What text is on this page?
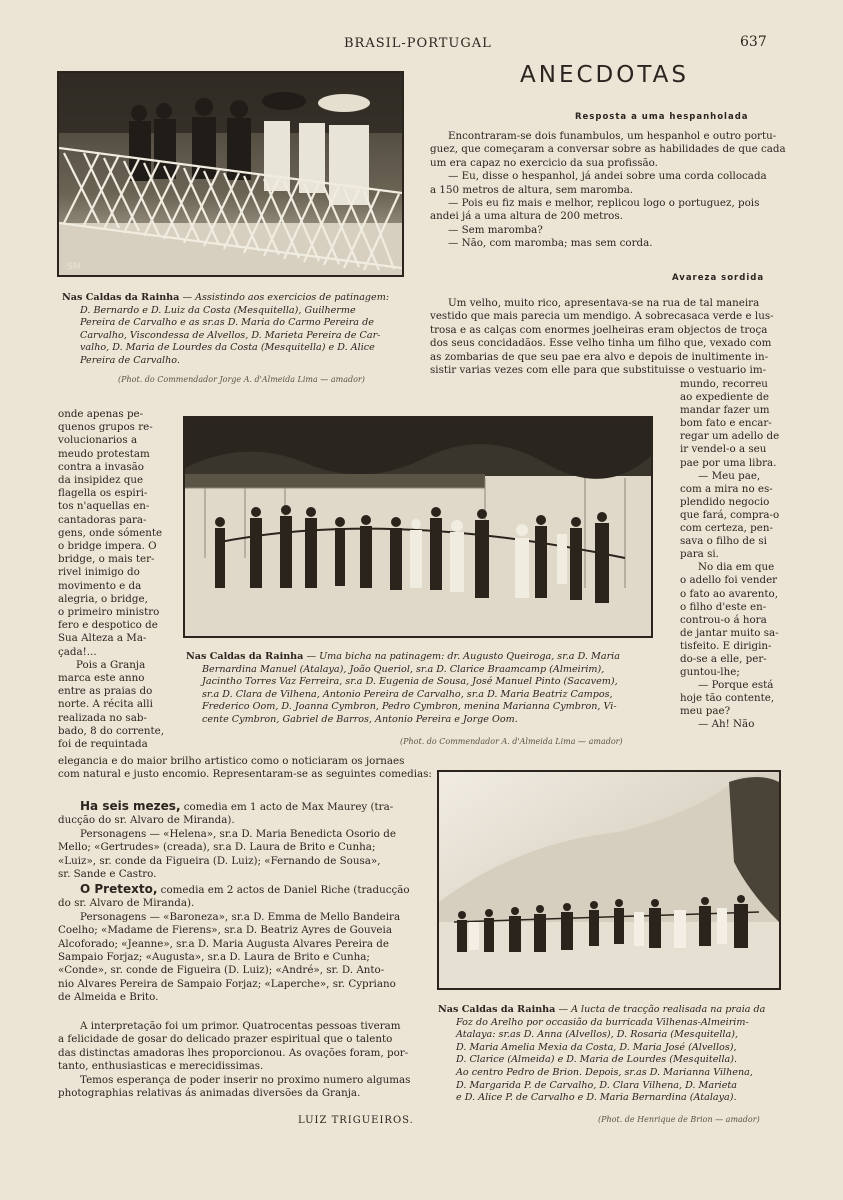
BRASIL-PORTUGAL	637
SM
Nas Caldas da Rainha — Assistindo aos exercicios de patinagem:
D. Bernardo e D. Luiz da Costa (Mesquitella), Guilherme
Pereira de Carvalho e as sr.as D. Maria do Carmo Pereira de
Carvalho, Viscondessa de Alvellos, D. Marieta Pereira de Car-
valho, D. Maria de Lourdes da Costa (Mesquitella) e D. Alice
Pereira de Carvalho.
(Phot. do Commendador Jorge A. d'Almeida Lima — amador)
ANECDOTAS
Resposta a uma hespanholada
Encontraram-se dois funambulos, um hespanhol e outro portu-
guez, que começaram a conversar sobre as habilidades de que cada
um era capaz no exercicio da sua profissão.
— Eu, disse o hespanhol, já andei sobre uma corda collocada
a 150 metros de altura, sem maromba.
— Pois eu fiz mais e melhor, replicou logo o portuguez, pois
andei já a uma altura de 200 metros.
— Sem maromba?
— Não, com maromba; mas sem corda.
Avareza sordida
Um velho, muito rico, apresentava-se na rua de tal maneira
vestido que mais parecia um mendigo. A sobrecasaca verde e lus-
trosa e as calças com enormes joelheiras eram objectos de troça
dos seus concidadãos. Esse velho tinha um filho que, vexado com
as zombarias de que seu pae era alvo e depois de inultimente in-
sistir varias vezes com elle para que substituisse o vestuario im-
mundo, recorreu
ao expediente de
mandar fazer um
bom fato e encar-
regar um adello de
ir vendel-o a seu
pae por uma libra.
— Meu pae,
com a mira no es-
plendido negocio
que fará, compra-o
com certeza, pen-
sava o filho de si
para si.
No dia em que
o adello foi vender
o fato ao avarento,
o filho d'este en-
controu-o á hora
de jantar muito sa-
tisfeito. E dirigin-
do-se a elle, per-
guntou-lhe;
— Porque está
hoje tão contente,
meu pae?
— Ah! Não
onde apenas pe-
quenos grupos re-
volucionarios a
meudo protestam
contra a invasão
da insipidez que
flagella os espiri-
tos n'aquellas en-
cantadoras para-
gens, onde sómente
o bridge impera. O
bridge, o mais ter-
rivel inimigo do
movimento e da
alegria, o bridge,
o primeiro ministro
fero e despotico de
Sua Alteza a Ma-
çada!...
Pois a Granja
marca este anno
entre as praias do
norte. A récita alli
realizada no sab-
bado, 8 do corrente,
foi de requintada
Nas Caldas da Rainha — Uma bicha na patinagem: dr. Augusto Queiroga, sr.a D. Maria
Bernardina Manuel (Atalaya), João Queriol, sr.a D. Clarice Braamcamp (Almeirim),
Jacintho Torres Vaz Ferreira, sr.a D. Eugenia de Sousa, José Manuel Pinto (Sacavem),
sr.a D. Clara de Vilhena, Antonio Pereira de Carvalho, sr.a D. Maria Beatriz Campos,
Frederico Oom, D. Joanna Cymbron, Pedro Cymbron, menina Marianna Cymbron, Vi-
cente Cymbron, Gabriel de Barros, Antonio Pereira e Jorge Oom.
(Phot. do Commendador A. d'Almeida Lima — amador)
elegancia e do maior brilho artistico como o noticiaram os jornaes
com natural e justo encomio. Representaram-se as seguintes comedias:
Ha seis mezes, comedia em 1 acto de Max Maurey (tra-
ducção do sr. Alvaro de Miranda).
Personagens — «Helena», sr.a D. Maria Benedicta Osorio de
Mello; «Gertrudes» (creada), sr.a D. Laura de Brito e Cunha;
«Luiz», sr. conde da Figueira (D. Luiz); «Fernando de Sousa»,
sr. Sande e Castro.
O Pretexto, comedia em 2 actos de Daniel Riche (traducção
do sr. Alvaro de Miranda).
Personagens — «Baroneza», sr.a D. Emma de Mello Bandeira
Coelho; «Madame de Fierens», sr.a D. Beatriz Ayres de Gouveia
Alcoforado; «Jeanne», sr.a D. Maria Augusta Alvares Pereira de
Sampaio Forjaz; «Augusta», sr.a D. Laura de Brito e Cunha;
«Conde», sr. conde de Figueira (D. Luiz); «André», sr. D. Anto-
nio Alvares Pereira de Sampaio Forjaz; «Laperche», sr. Cypriano
de Almeida e Brito.
A interpretação foi um primor. Quatrocentas pessoas tiveram
a felicidade de gosar do delicado prazer espiritual que o talento
das distinctas amadoras lhes proporcionou. As ovações foram, por-
tanto, enthusiasticas e merecidissimas.
Temos esperança de poder inserir no proximo numero algumas
photographias relativas ás animadas diversões da Granja.
LUIZ TRIGUEIROS.
Nas Caldas da Rainha — A lucta de tracção realisada na praia da
Foz do Arelho por occasião da burricada Vilhenas-Almeirim-
Atalaya: sr.as D. Anna (Alvellos), D. Rosaria (Mesquitella),
D. Maria Amelia Mexia da Costa, D. Maria José (Alvellos),
D. Clarice (Almeida) e D. Maria de Lourdes (Mesquitella).
Ao centro Pedro de Brion. Depois, sr.as D. Marianna Vilhena,
D. Margarida P. de Carvalho, D. Clara Vilhena, D. Marieta
e D. Alice P. de Carvalho e D. Maria Bernardina (Atalaya).
(Phot. de Henrique de Brion — amador)
